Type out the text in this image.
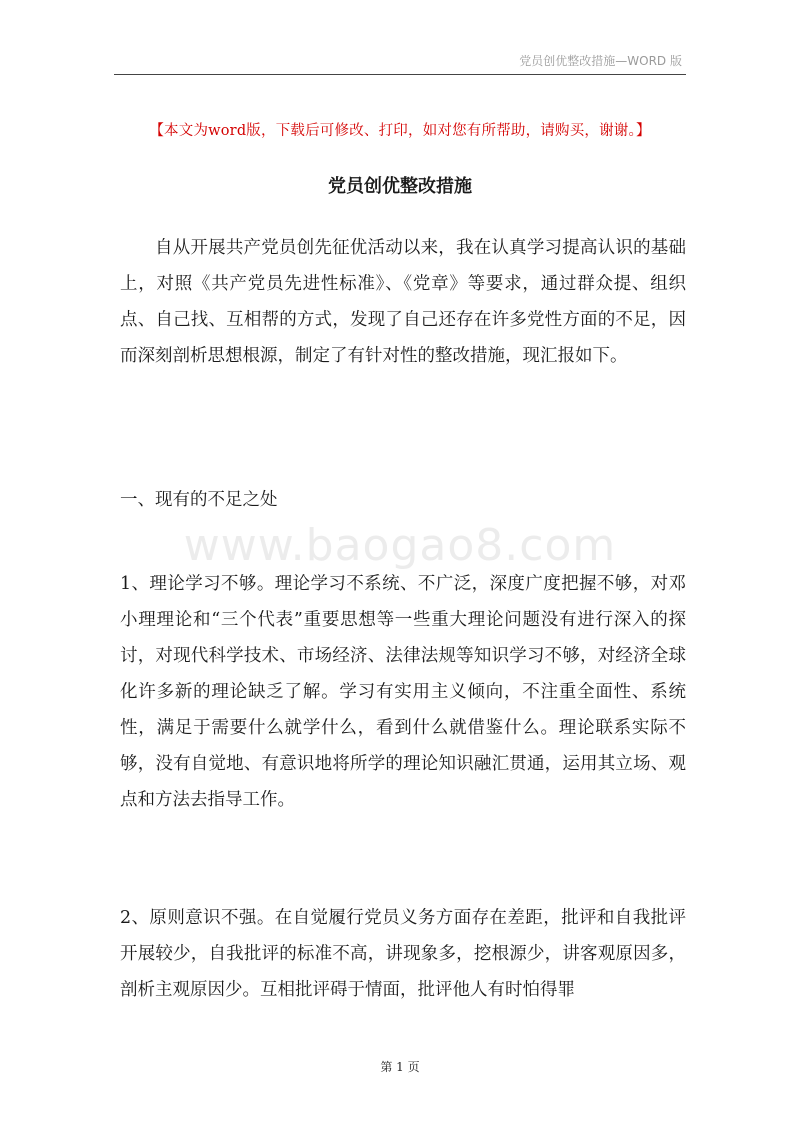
党员创优整改措施—WORD 版
【本文为word版，下载后可修改、打印，如对您有所帮助，请购买，谢谢。】
党员创优整改措施

自从开展共产党员创先征优活动以来，我在认真学习提高认识的基础上，对照《共产党员先进性标准》、《党章》等要求，通过群众提、组织点、自己找、互相帮的方式，发现了自己还存在许多党性方面的不足，因而深刻剖析思想根源，制定了有针对性的整改措施，现汇报如下。

一、现有的不足之处

www.baogao8.com

1、理论学习不够。理论学习不系统、不广泛，深度广度把握不够，对邓小理理论和“三个代表”重要思想等一些重大理论问题没有进行深入的探讨，对现代科学技术、市场经济、法律法规等知识学习不够，对经济全球化许多新的理论缺乏了解。学习有实用主义倾向，不注重全面性、系统性，满足于需要什么就学什么，看到什么就借鉴什么。理论联系实际不够，没有自觉地、有意识地将所学的理论知识融汇贯通，运用其立场、观点和方法去指导工作。

2、原则意识不强。在自觉履行党员义务方面存在差距，批评和自我批评开展较少，自我批评的标准不高，讲现象多，挖根源少，讲客观原因多，剖析主观原因少。互相批评碍于情面，批评他人有时怕得罪

第 1 页
